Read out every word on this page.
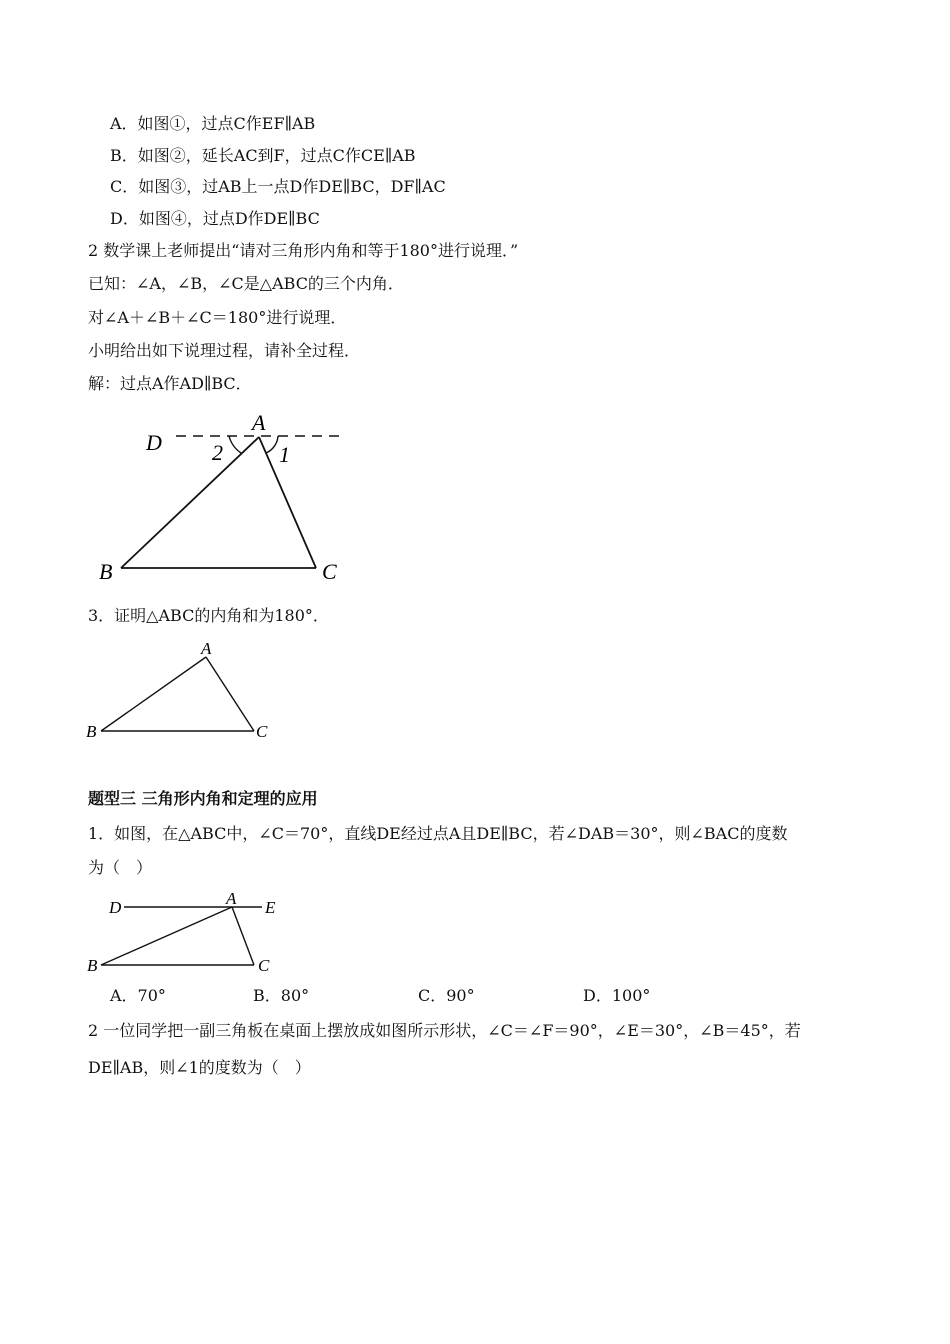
A．如图①，过点C作EF∥AB
B．如图②，延长AC到F，过点C作CE∥AB
C．如图③，过AB上一点D作DE∥BC，DF∥AC
D．如图④，过点D作DE∥BC
2 数学课上老师提出“请对三角形内角和等于180°进行说理．”
已知：∠A，∠B，∠C是△ABC的三个内角．
对∠A＋∠B＋∠C＝180°进行说理．
小明给出如下说理过程，请补全过程．
解：过点A作AD∥BC．
D
A
B	C
2	1
3．证明△ABC的内角和为180°．
A
B	C
题型三 三角形内角和定理的应用
1．如图，在△ABC中，∠C＝70°，直线DE经过点A且DE∥BC，若∠DAB＝30°，则∠BAC的度数
为（　）
D	A E
B	C
A．70°	B．80°	C．90°	D．100°
2 一位同学把一副三角板在桌面上摆放成如图所示形状，∠C＝∠F＝90°，∠E＝30°，∠B＝45°，若
DE∥AB，则∠1的度数为（　）
